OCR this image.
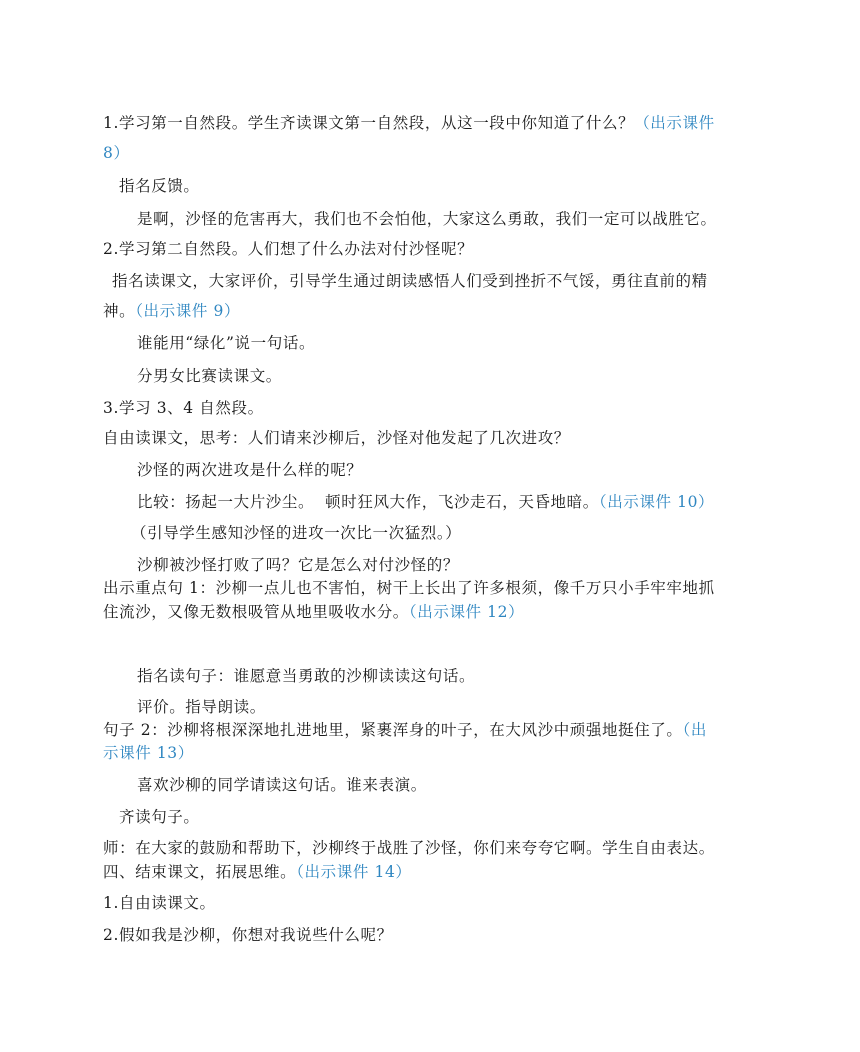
1.学习第一自然段。学生齐读课文第一自然段，从这一段中你知道了什么？（出示课件
8）
指名反馈。
是啊，沙怪的危害再大，我们也不会怕他，大家这么勇敢，我们一定可以战胜它。
2.学习第二自然段。人们想了什么办法对付沙怪呢？
指名读课文，大家评价，引导学生通过朗读感悟人们受到挫折不气馁，勇往直前的精
神。（出示课件 9）
谁能用“绿化”说一句话。
分男女比赛读课文。
3.学习 3、4 自然段。
自由读课文，思考：人们请来沙柳后，沙怪对他发起了几次进攻？
沙怪的两次进攻是什么样的呢？
比较：扬起一大片沙尘。  顿时狂风大作，飞沙走石，天昏地暗。（出示课件 10）
（引导学生感知沙怪的进攻一次比一次猛烈。）
沙柳被沙怪打败了吗？它是怎么对付沙怪的？
出示重点句 1：沙柳一点儿也不害怕，树干上长出了许多根须，像千万只小手牢牢地抓
住流沙，又像无数根吸管从地里吸收水分。（出示课件 12）
指名读句子：谁愿意当勇敢的沙柳读读这句话。
评价。指导朗读。
句子 2：沙柳将根深深地扎进地里，紧裹浑身的叶子，在大风沙中顽强地挺住了。（出
示课件 13）
喜欢沙柳的同学请读这句话。谁来表演。
齐读句子。
师：在大家的鼓励和帮助下，沙柳终于战胜了沙怪，你们来夸夸它啊。学生自由表达。
四、结束课文，拓展思维。（出示课件 14）
1.自由读课文。
2.假如我是沙柳，你想对我说些什么呢？
